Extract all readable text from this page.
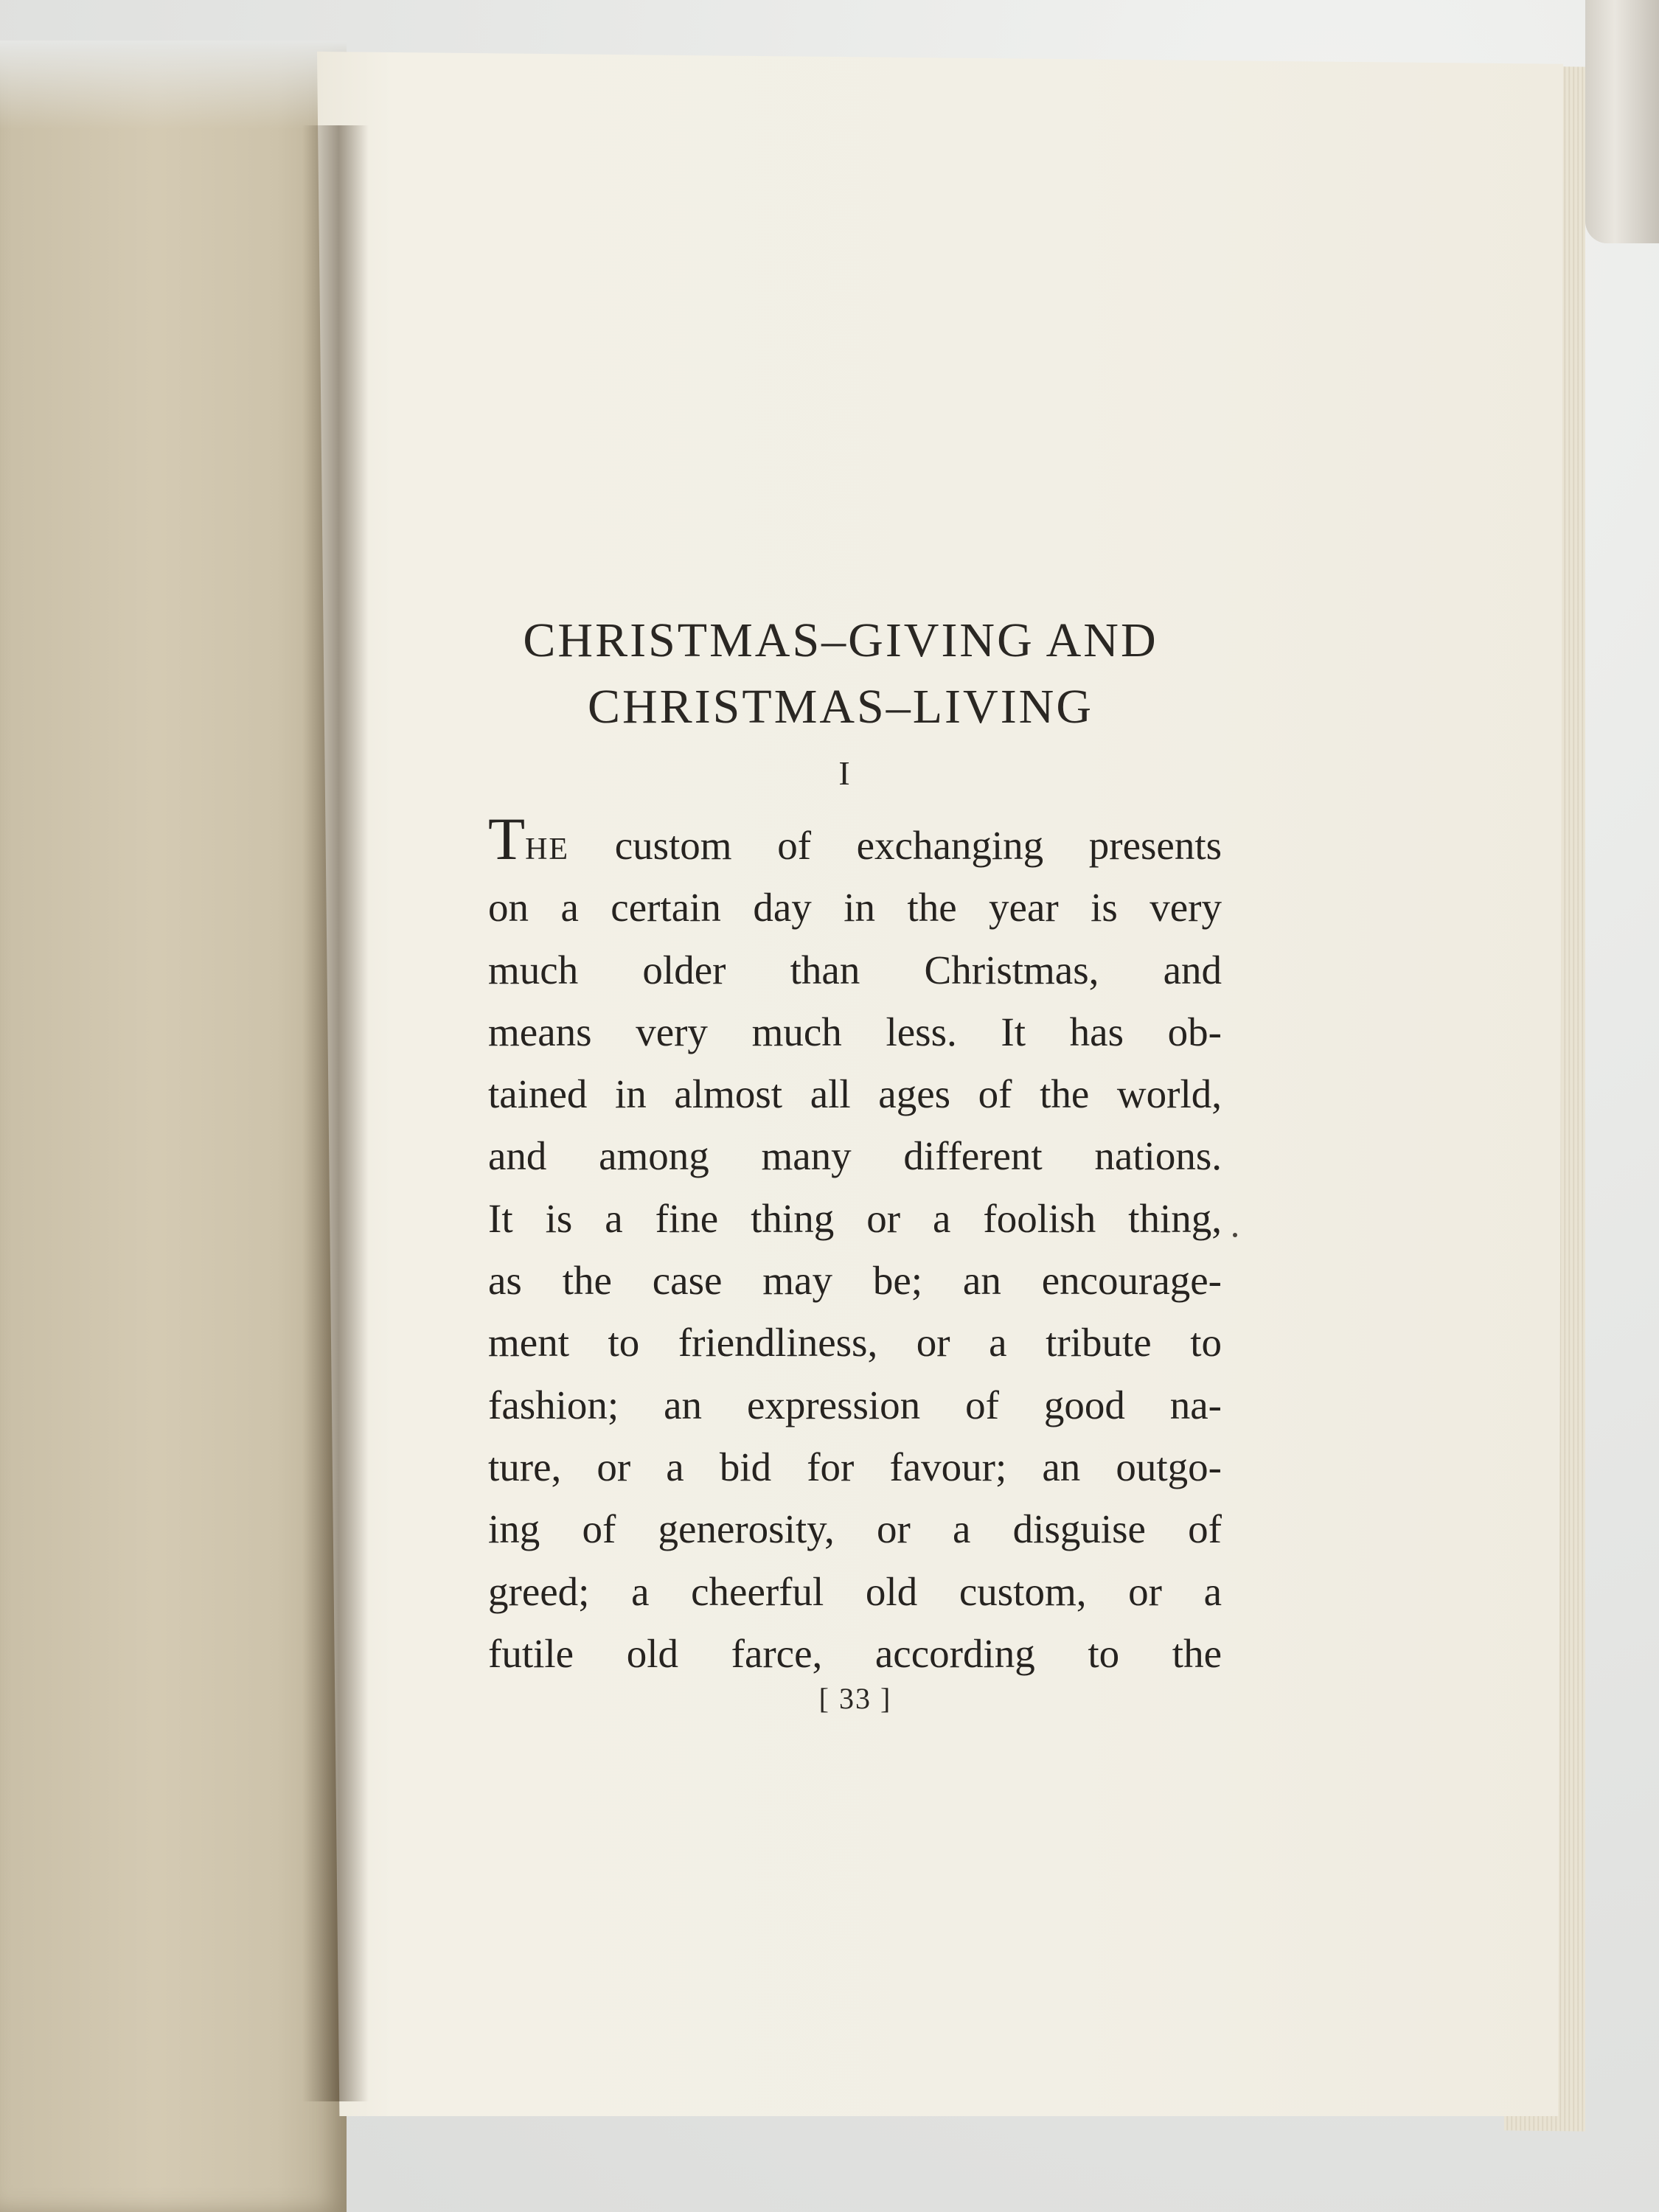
CHRISTMAS–GIVING AND
CHRISTMAS–LIVING
I
THE custom of exchanging presents
on a certain day in the year is very
much older than Christmas, and
means very much less. It has ob-
tained in almost all ages of the world,
and among many different nations.
It is a fine thing or a foolish thing,
as the case may be; an encourage-
ment to friendliness, or a tribute to
fashion; an expression of good na-
ture, or a bid for favour; an outgo-
ing of generosity, or a disguise of
greed; a cheerful old custom, or a
futile old farce, according to the
[ 33 ]
